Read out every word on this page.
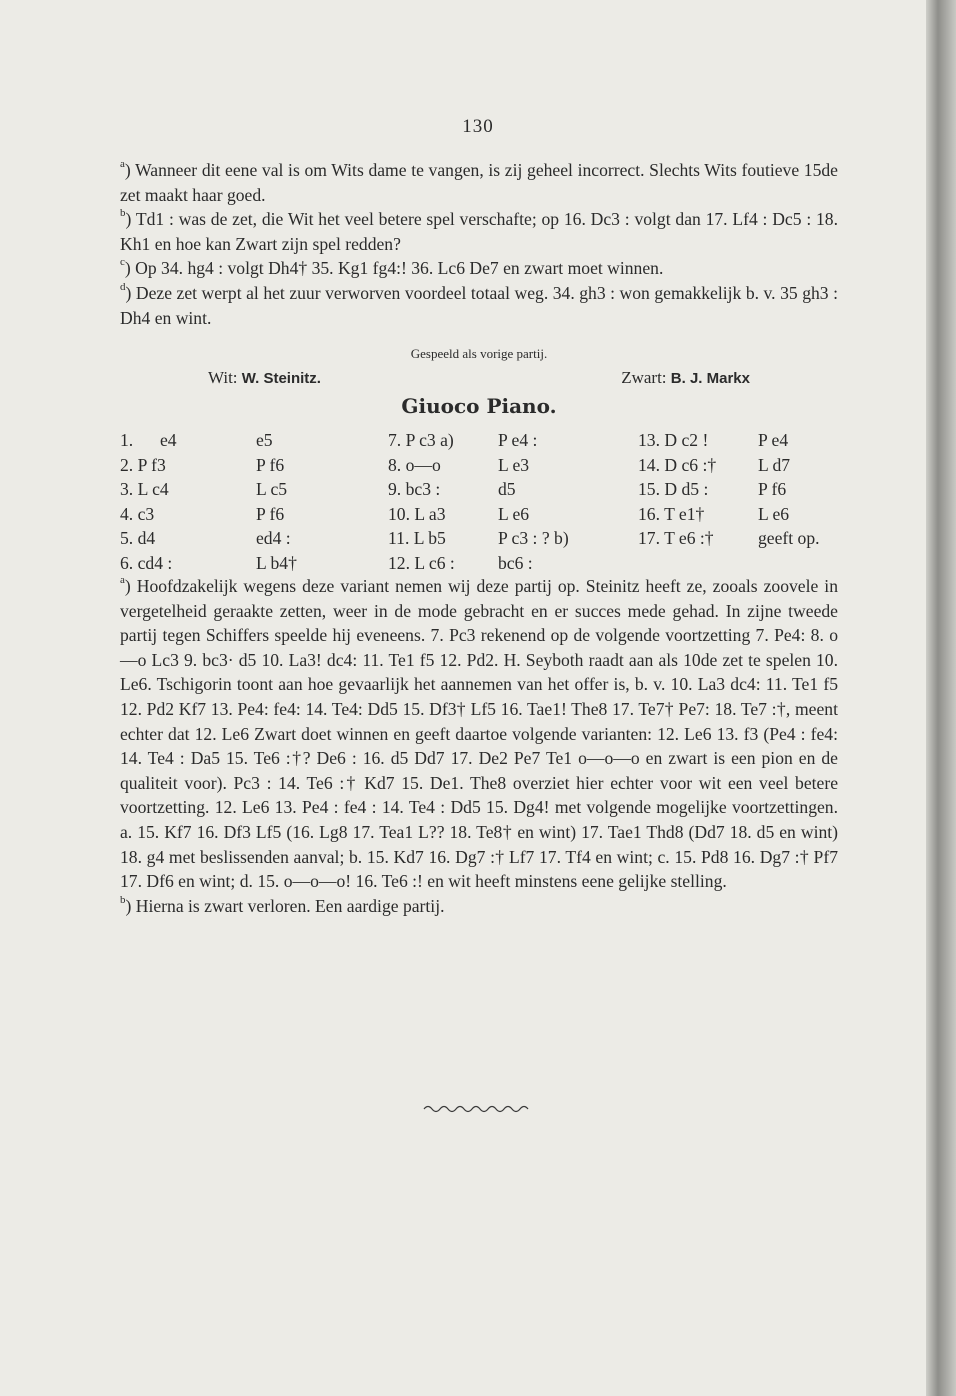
130

$^a$) Wanneer dit eene val is om Wits dame te vangen, is zij geheel incorrect. Slechts Wits foutieve 15de zet maakt haar goed.

$^b$) Td1 : was de zet, die Wit het veel betere spel verschafte; op 16. Dc3 : volgt dan 17. Lf4 : Dc5 : 18. Kh1 en hoe kan Zwart zijn spel redden?

$^c$) Op 34. hg4 : volgt Dh4† 35. Kg1 fg4:! 36. Lc6 De7 en zwart moet winnen.

$^d$) Deze zet werpt al het zuur verworven voordeel totaal weg. 34. gh3 : won gemakkelijk b. v. 35 gh3 : Dh4 en wint.

Gespeeld als vorige partij.
Wit: W. Steinitz.	Zwart: B. J. Markx
Giuoco Piano.
1.	e4	e5	7. P c3 a)	P e4 :	13. D c2 !	P e4
2. P f3	P f6	8. o—o	L e3	14. D c6 :†	L d7
3. L c4	L c5	9. bc3 :	d5	15. D d5 :	P f6
4. c3	P f6	10. L a3	L e6	16. T e1†	L e6
5. d4	ed4 :	11. L b5	P c3 : ? b)	17. T e6 :†	geeft op.
6. cd4 :	L b4†	12. L c6 :	bc6 :

$^a$) Hoofdzakelijk wegens deze variant nemen wij deze partij op. Steinitz heeft ze, zooals zoovele in vergetelheid geraakte zetten, weer in de mode gebracht en er succes mede gehad. In zijne tweede partij tegen Schiffers speelde hij eveneens. 7. Pc3 rekenend op de volgende voortzetting 7. Pe4: 8. o—o Lc3 9. bc3· d5 10. La3! dc4: 11. Te1 f5 12. Pd2. H. Seyboth raadt aan als 10de zet te spelen 10. Le6. Tschigorin toont aan hoe gevaarlijk het aannemen van het offer is, b. v. 10. La3 dc4: 11. Te1 f5 12. Pd2 Kf7 13. Pe4: fe4: 14. Te4: Dd5 15. Df3† Lf5 16. Tae1! The8 17. Te7† Pe7: 18. Te7 :†, meent echter dat 12. Le6 Zwart doet winnen en geeft daartoe volgende varianten: 12. Le6 13. f3 (Pe4 : fe4: 14. Te4 : Da5 15. Te6 :†? De6 : 16. d5 Dd7 17. De2 Pe7 Te1 o—o—o en zwart is een pion en de qualiteit voor). Pc3 : 14. Te6 :† Kd7 15. De1. The8 overziet hier echter voor wit een veel betere voortzetting. 12. Le6 13. Pe4 : fe4 : 14. Te4 : Dd5 15. Dg4! met volgende mogelijke voortzettingen. a. 15. Kf7 16. Df3 Lf5 (16. Lg8 17. Tea1 L?? 18. Te8† en wint) 17. Tae1 Thd8 (Dd7 18. d5 en wint) 18. g4 met beslissenden aanval; b. 15. Kd7 16. Dg7 :† Lf7 17. Tf4 en wint; c. 15. Pd8 16. Dg7 :† Pf7 17. Df6 en wint; d. 15. o—o—o! 16. Te6 :! en wit heeft minstens eene gelijke stelling.

$^b$) Hierna is zwart verloren. Een aardige partij.
